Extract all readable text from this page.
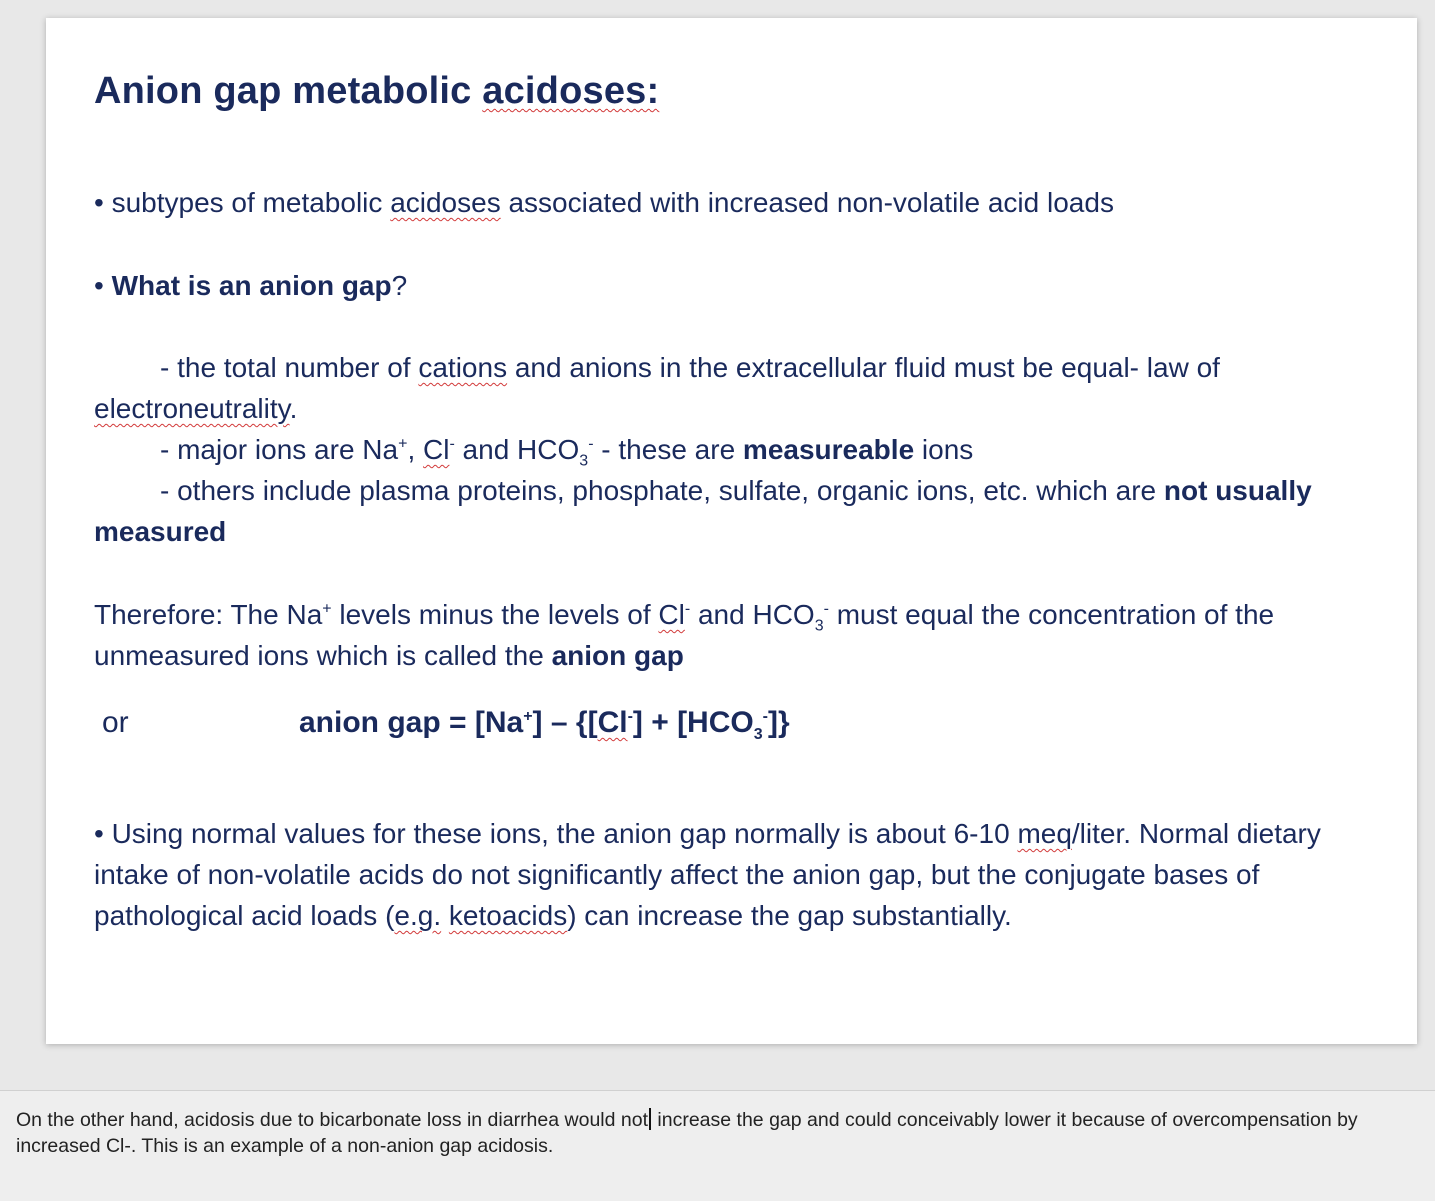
Anion gap metabolic acidoses:

• subtypes of metabolic acidoses associated with increased non-volatile acid loads

• What is an anion gap?

- the total number of cations and anions in the extracellular fluid must be equal- law of electroneutrality.

- major ions are Na+, Cl- and $HCO_3^-$ - these are measureable ions

- others include plasma proteins, phosphate, sulfate, organic ions, etc. which are not usually measured

Therefore: The Na+ levels minus the levels of Cl- and $HCO_3^-$ must equal the concentration of the unmeasured ions which is called the anion gap

or	anion gap = $[Na^+] - \{[Cl^-] + [HCO_3^-]\}$

• Using normal values for these ions, the anion gap normally is about 6-10 meq/liter. Normal dietary intake of non-volatile acids do not significantly affect the anion gap, but the conjugate bases of pathological acid loads (e.g. ketoacids) can increase the gap substantially.

On the other hand, acidosis due to bicarbonate loss in diarrhea would not increase the gap and could conceivably lower it because of overcompensation by increased Cl-. This is an example of a non-anion gap acidosis.
